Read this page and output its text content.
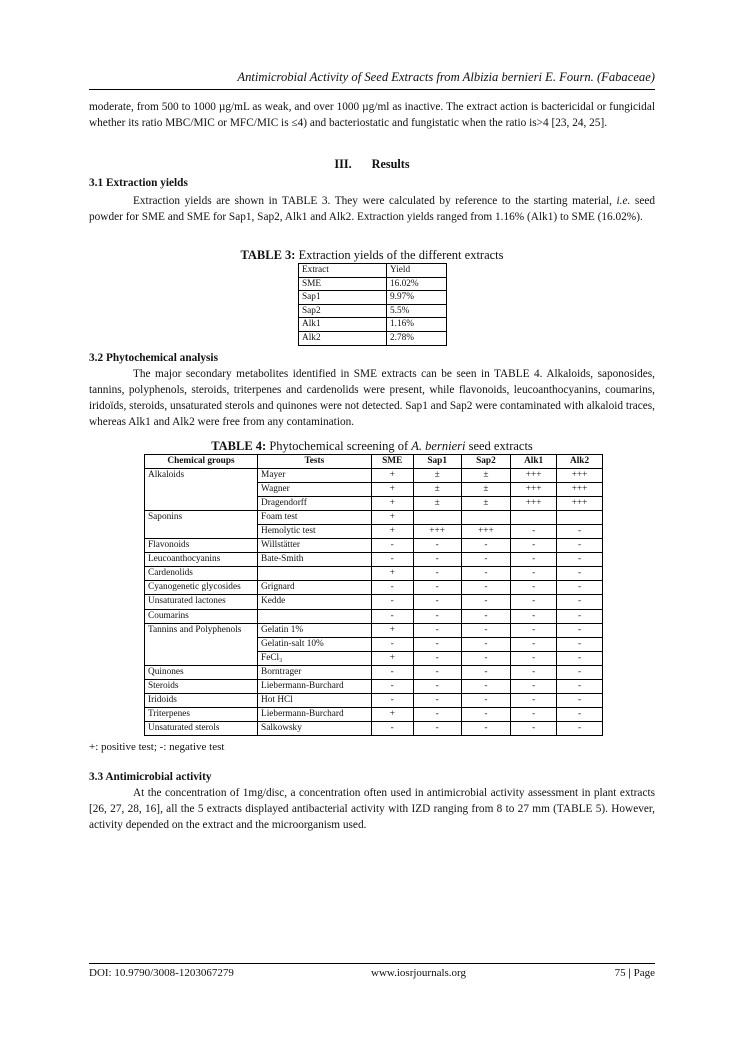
Antimicrobial Activity of Seed Extracts from Albizia bernieri E. Fourn. (Fabaceae)

moderate, from 500 to 1000 µg/mL as weak, and over 1000 µg/ml as inactive. The extract action is bactericidal or fungicidal whether its ratio MBC/MIC or MFC/MIC is ≤4) and bacteriostatic and fungistatic when the ratio is>4 [23, 24, 25].

III. Results
3.1 Extraction yields

Extraction yields are shown in TABLE 3. They were calculated by reference to the starting material, i.e. seed powder for SME and SME for Sap1, Sap2, Alk1 and Alk2. Extraction yields ranged from 1.16% (Alk1) to SME (16.02%).

TABLE 3: Extraction yields of the different extracts
Extract	Yield
SME	16.02%
Sap1	9.97%
Sap2	5.5%
Alk1	1.16%
Alk2	2.78%
3.2 Phytochemical analysis

The major secondary metabolites identified in SME extracts can be seen in TABLE 4. Alkaloids, saponosides, tannins, polyphenols, steroids, triterpenes and cardenolids were present, while flavonoids, leucoanthocyanins, coumarins, iridoïds, steroids, unsaturated sterols and quinones were not detected. Sap1 and Sap2 were contaminated with alkaloid traces, whereas Alk1 and Alk2 were free from any contamination.

TABLE 4: Phytochemical screening of A. bernieri seed extracts
Chemical groups	Tests	SME	Sap1	Sap2	Alk1	Alk2
Alkaloids	Mayer	+	±	±	+++	+++
	Wagner	+	±	±	+++	+++
	Dragendorff	+	±	±	+++	+++
Saponins	Foam test	+				
	Hemolytic test	+	+++	+++	-	-
Flavonoids	Willstätter	-	-	-	-	-
Leucoanthocyanins	Bate-Smith	-	-	-	-	-
Cardenolids		+	-	-	-	-
Cyanogenetic glycosides	Grignard	-	-	-	-	-
Unsaturated lactones	Kedde	-	-	-	-	-
Coumarins		-	-	-	-	-
Tannins and Polyphenols	Gelatin 1%	+	-	-	-	-
	Gelatin-salt 10%	-	-	-	-	-
	FeCl₃	+	-	-	-	-
Quinones	Borntrager	-	-	-	-	-
Steroids	Liebermann-Burchard	-	-	-	-	-
Iridoids	Hot HCl	-	-	-	-	-
Triterpenes	Liebermann-Burchard	+	-	-	-	-
Unsaturated sterols	Salkowsky	-	-	-	-	-
+: positive test; -: negative test
3.3 Antimicrobial activity

At the concentration of 1mg/disc, a concentration often used in antimicrobial activity assessment in plant extracts [26, 27, 28, 16], all the 5 extracts displayed antibacterial activity with IZD ranging from 8 to 27 mm (TABLE 5). However, activity depended on the extract and the microorganism used.

DOI: 10.9790/3008-1203067279	www.iosrjournals.org	75 | Page
